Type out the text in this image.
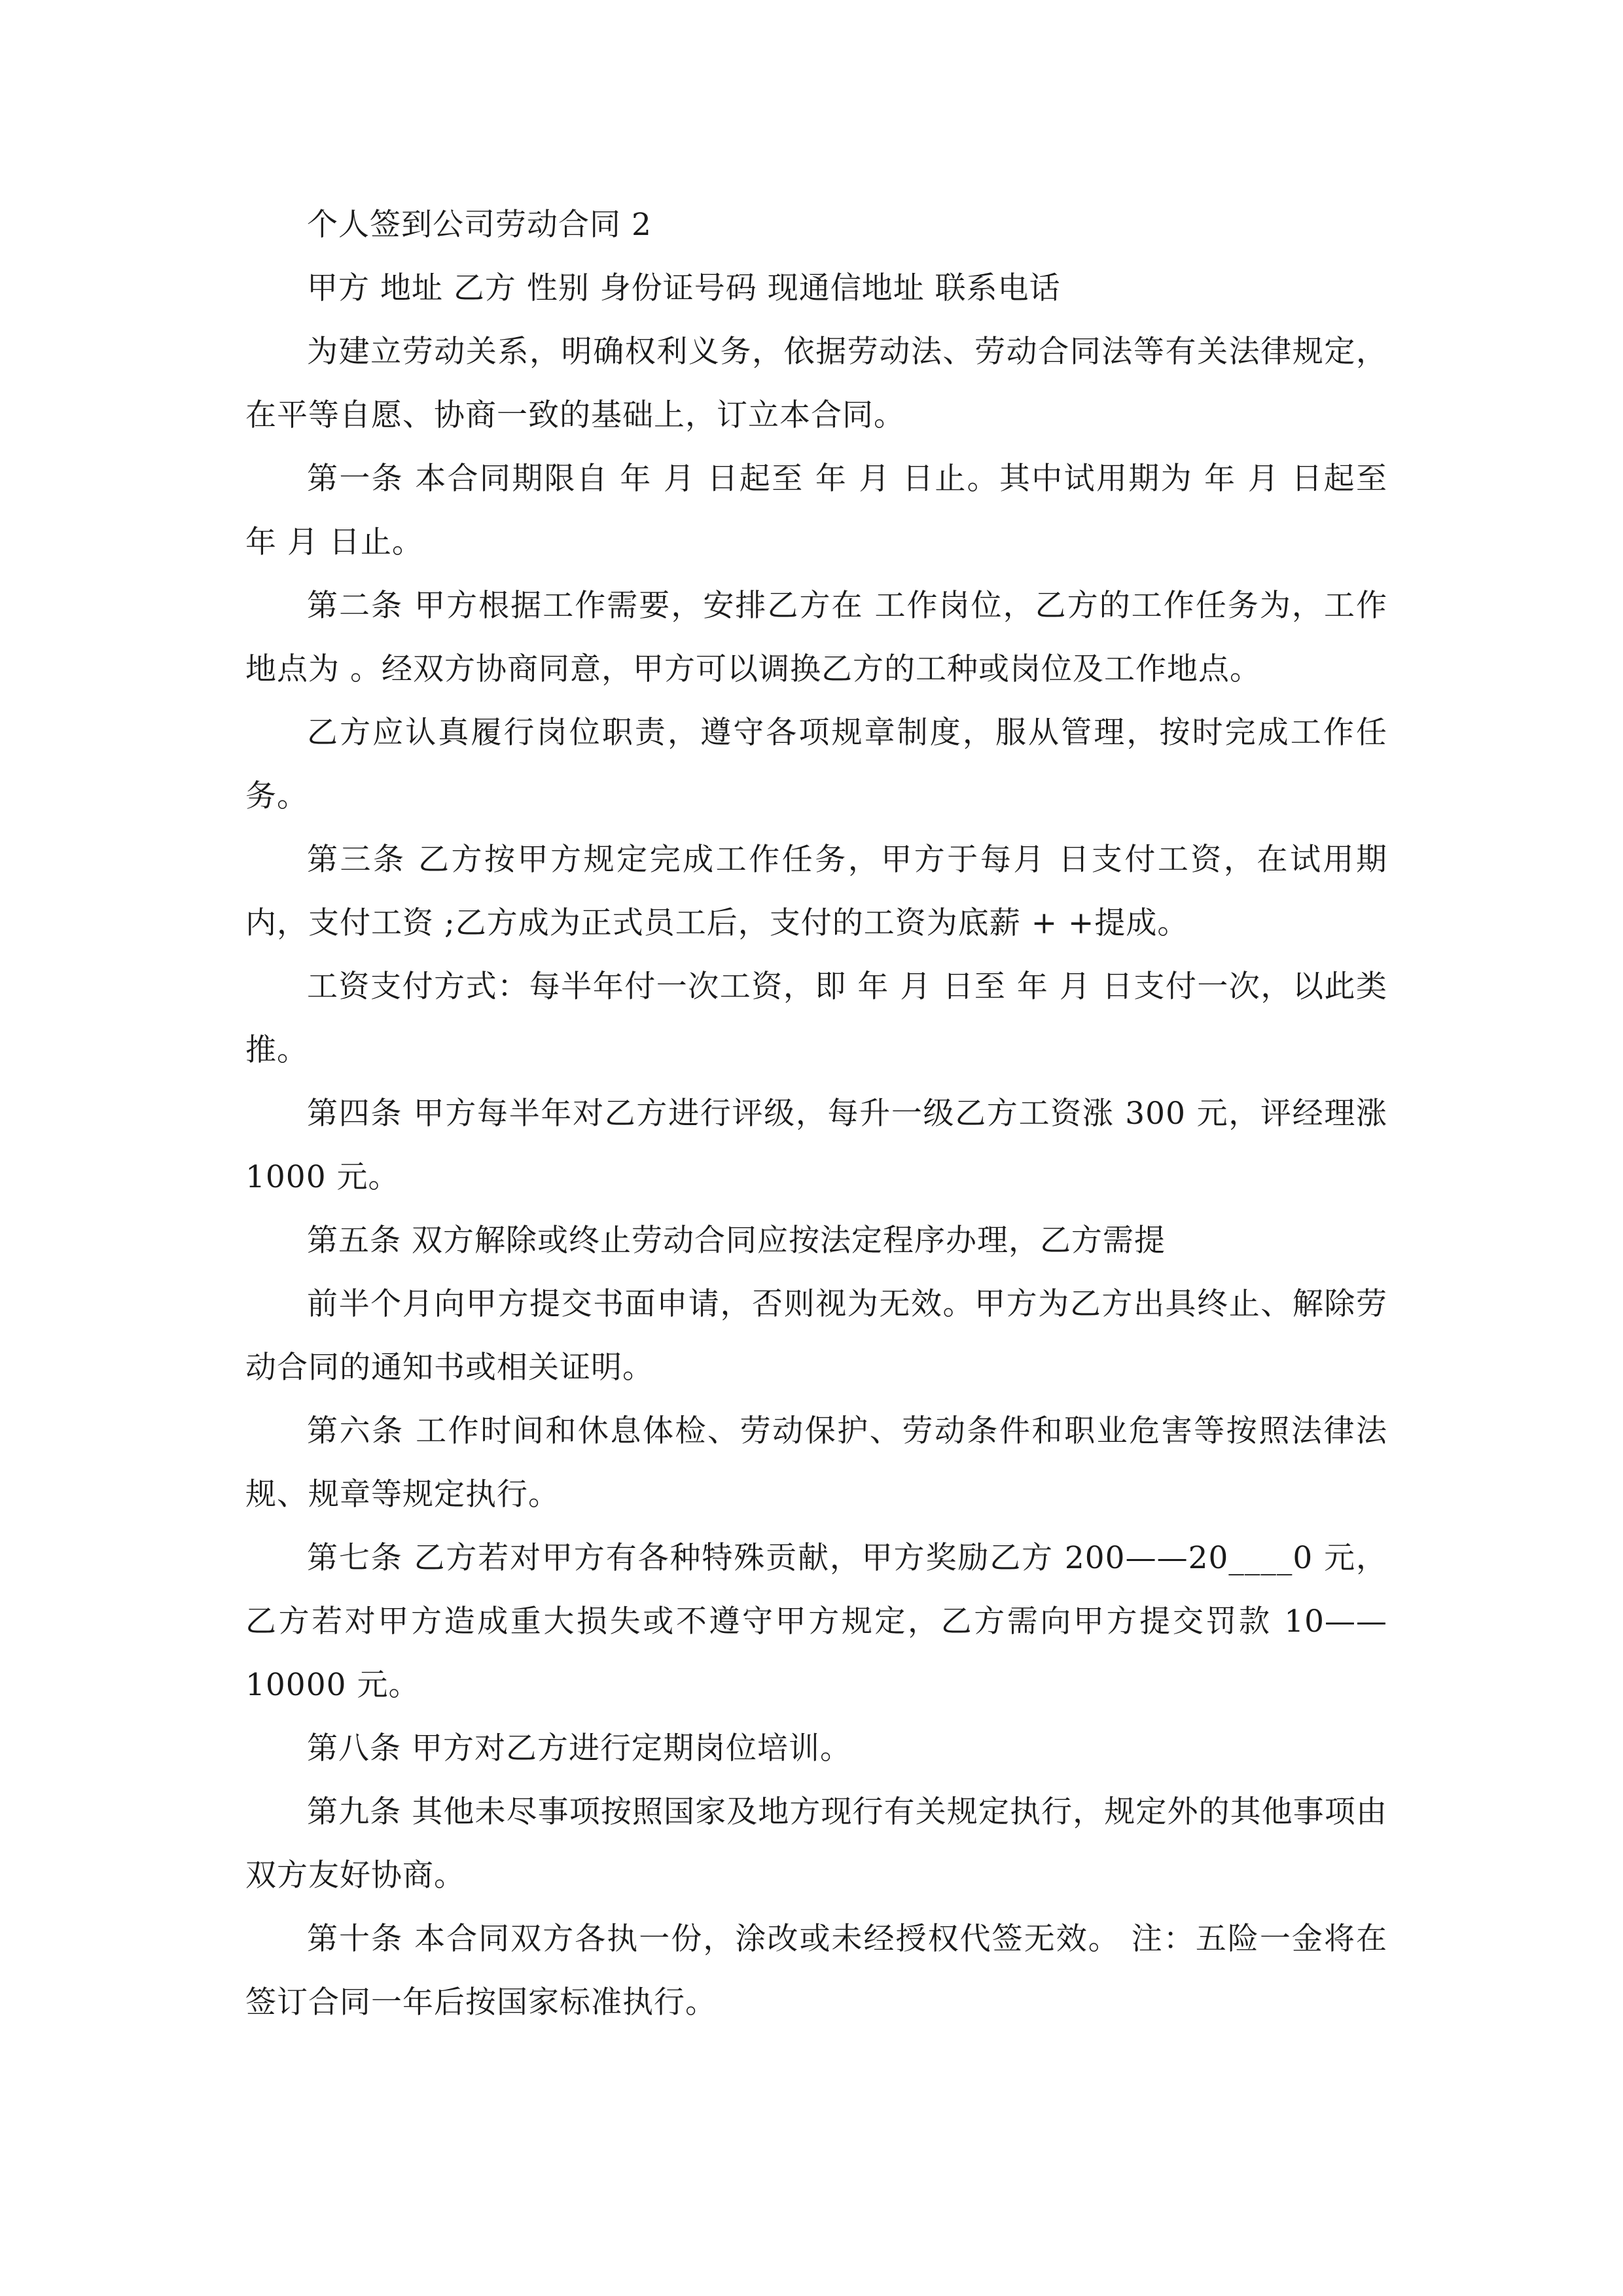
个人签到公司劳动合同 2

甲方 地址 乙方 性别 身份证号码 现通信地址 联系电话

为建立劳动关系，明确权利义务，依据劳动法、劳动合同法等有关法律规定，在平等自愿、协商一致的基础上，订立本合同。

第一条 本合同期限自 年 月 日起至 年 月 日止。其中试用期为 年 月 日起至 年 月 日止。

第二条 甲方根据工作需要，安排乙方在 工作岗位，乙方的工作任务为，工作地点为 。经双方协商同意，甲方可以调换乙方的工种或岗位及工作地点。

乙方应认真履行岗位职责，遵守各项规章制度，服从管理，按时完成工作任务。

第三条 乙方按甲方规定完成工作任务，甲方于每月 日支付工资，在试用期内，支付工资 ;乙方成为正式员工后，支付的工资为底薪 + +提成。

工资支付方式：每半年付一次工资，即 年 月 日至 年 月 日支付一次，以此类推。

第四条 甲方每半年对乙方进行评级，每升一级乙方工资涨 300 元，评经理涨 1000 元。

第五条 双方解除或终止劳动合同应按法定程序办理，乙方需提

前半个月向甲方提交书面申请，否则视为无效。甲方为乙方出具终止、解除劳动合同的通知书或相关证明。

第六条 工作时间和休息体检、劳动保护、劳动条件和职业危害等按照法律法规、规章等规定执行。

第七条 乙方若对甲方有各种特殊贡献，甲方奖励乙方 200——20____0 元，乙方若对甲方造成重大损失或不遵守甲方规定，乙方需向甲方提交罚款 10——10000 元。

第八条 甲方对乙方进行定期岗位培训。

第九条 其他未尽事项按照国家及地方现行有关规定执行，规定外的其他事项由双方友好协商。

第十条 本合同双方各执一份，涂改或未经授权代签无效。 注：五险一金将在签订合同一年后按国家标准执行。
